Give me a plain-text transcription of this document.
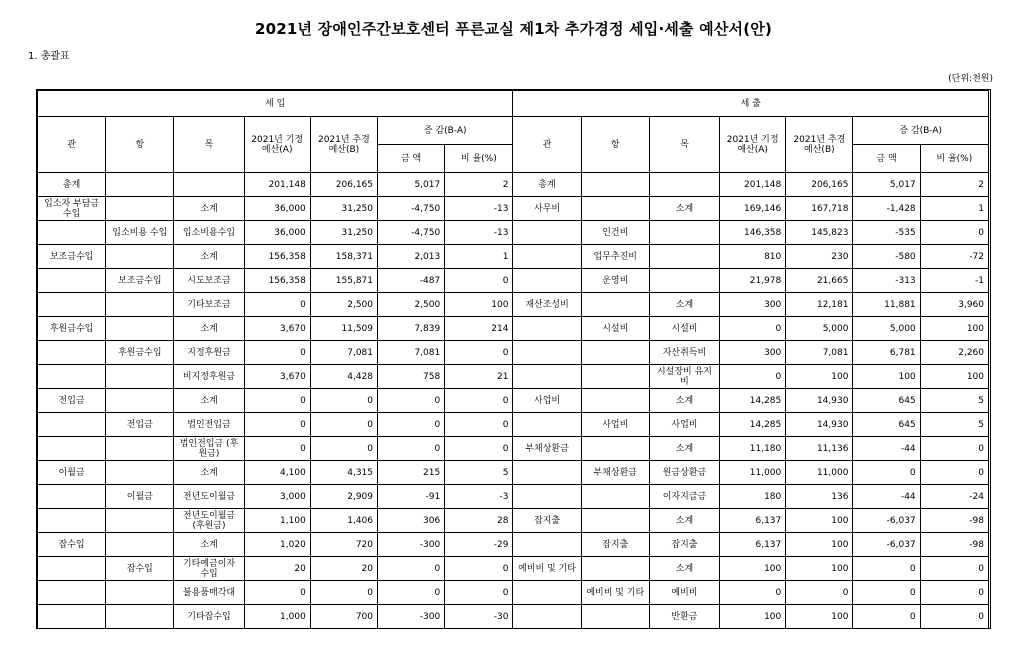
2021년 장애인주간보호센터 푸른교실 제1차 추가경정 세입·세출 예산서(안)
1. 총괄표
(단위:천원)
세 입							세 출						
관	항	목	2021년 기정예산(A)	2021년 추경예산(B)	증 감(B-A)		관	항	목	2021년 기정예산(A)	2021년 추경예산(B)	증 감(B-A)	
					금 액	비 율(%)						금 액	비 율(%)
총계			201,148	206,165	5,017	2	총계			201,148	206,165	5,017	2
입소자 부담금수입		소계	36,000	31,250	-4,750	-13	사무비		소계	169,146	167,718	-1,428	1
	입소비용 수입	입소비용수입	36,000	31,250	-4,750	-13		인건비		146,358	145,823	-535	0
보조금수입		소계	156,358	158,371	2,013	1		업무추진비		810	230	-580	-72
	보조금수입	시도보조금	156,358	155,871	-487	0		운영비		21,978	21,665	-313	-1
		기타보조금	0	2,500	2,500	100	재산조성비		소계	300	12,181	11,881	3,960
후원금수입		소계	3,670	11,509	7,839	214		시설비	시설비	0	5,000	5,000	100
	후원금수입	지정후원금	0	7,081	7,081	0			자산취득비	300	7,081	6,781	2,260
		비지정후원금	3,670	4,428	758	21			시설장비 유지비	0	100	100	100
전입금		소계	0	0	0	0	사업비		소계	14,285	14,930	645	5
	전입금	법인전입금	0	0	0	0		사업비	사업비	14,285	14,930	645	5
		법인전입금 (후원금)	0	0	0	0	부채상환금		소계	11,180	11,136	-44	0
이월금		소계	4,100	4,315	215	5		부채상환금	원금상환금	11,000	11,000	0	0
	이월금	전년도이월금	3,000	2,909	-91	-3			이자지급금	180	136	-44	-24
		전년도이월금 (후원금)	1,100	1,406	306	28	잡지출		소계	6,137	100	-6,037	-98
잡수입		소계	1,020	720	-300	-29		잡지출	잡지출	6,137	100	-6,037	-98
	잡수입	기타예금이자 수입	20	20	0	0	예비비 및 기타		소계	100	100	0	0
		불용품매각대	0	0	0	0		예비비 및 기타	예비비	0	0	0	0
		기타잡수입	1,000	700	-300	-30			반환금	100	100	0	0
